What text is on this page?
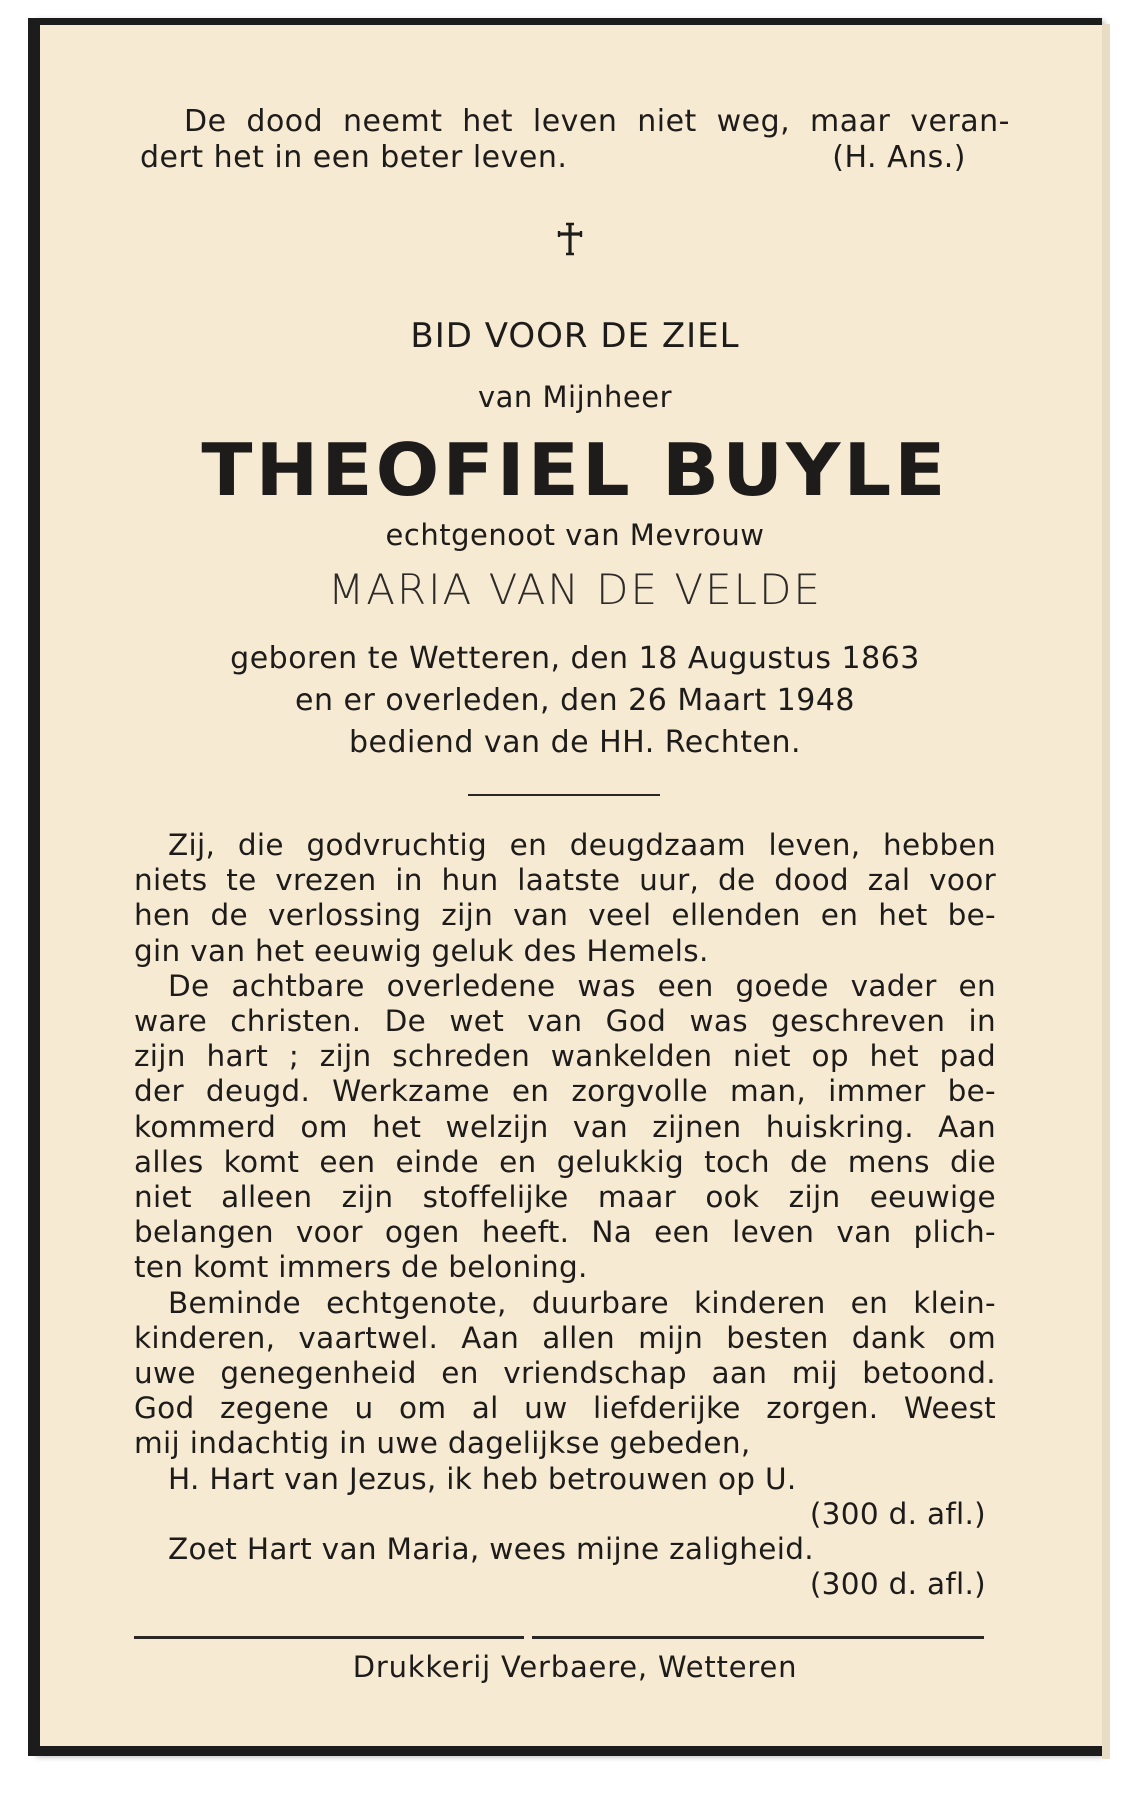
De dood neemt het leven niet weg, maar veran-
dert het in een beter leven.	(H. Ans.)
BID VOOR DE ZIEL
van Mijnheer
THEOFIEL BUYLE
echtgenoot van Mevrouw
MARIA VAN DE VELDE
geboren te Wetteren, den 18 Augustus 1863
en er overleden, den 26 Maart 1948
bediend van de HH. Rechten.
Zij, die godvruchtig en deugdzaam leven, hebben
niets te vrezen in hun laatste uur, de dood zal voor
hen de verlossing zijn van veel ellenden en het be-
gin van het eeuwig geluk des Hemels.
De achtbare overledene was een goede vader en
ware christen. De wet van God was geschreven in
zijn hart ; zijn schreden wankelden niet op het pad
der deugd. Werkzame en zorgvolle man, immer be-
kommerd om het welzijn van zijnen huiskring. Aan
alles komt een einde en gelukkig toch de mens die
niet alleen zijn stoffelijke maar ook zijn eeuwige
belangen voor ogen heeft. Na een leven van plich-
ten komt immers de beloning.
Beminde echtgenote, duurbare kinderen en klein-
kinderen, vaartwel. Aan allen mijn besten dank om
uwe genegenheid en vriendschap aan mij betoond.
God zegene u om al uw liefderijke zorgen. Weest
mij indachtig in uwe dagelijkse gebeden,
H. Hart van Jezus, ik heb betrouwen op U.
(300 d. afl.)
Zoet Hart van Maria, wees mijne zaligheid.
(300 d. afl.)
Drukkerij Verbaere, Wetteren
